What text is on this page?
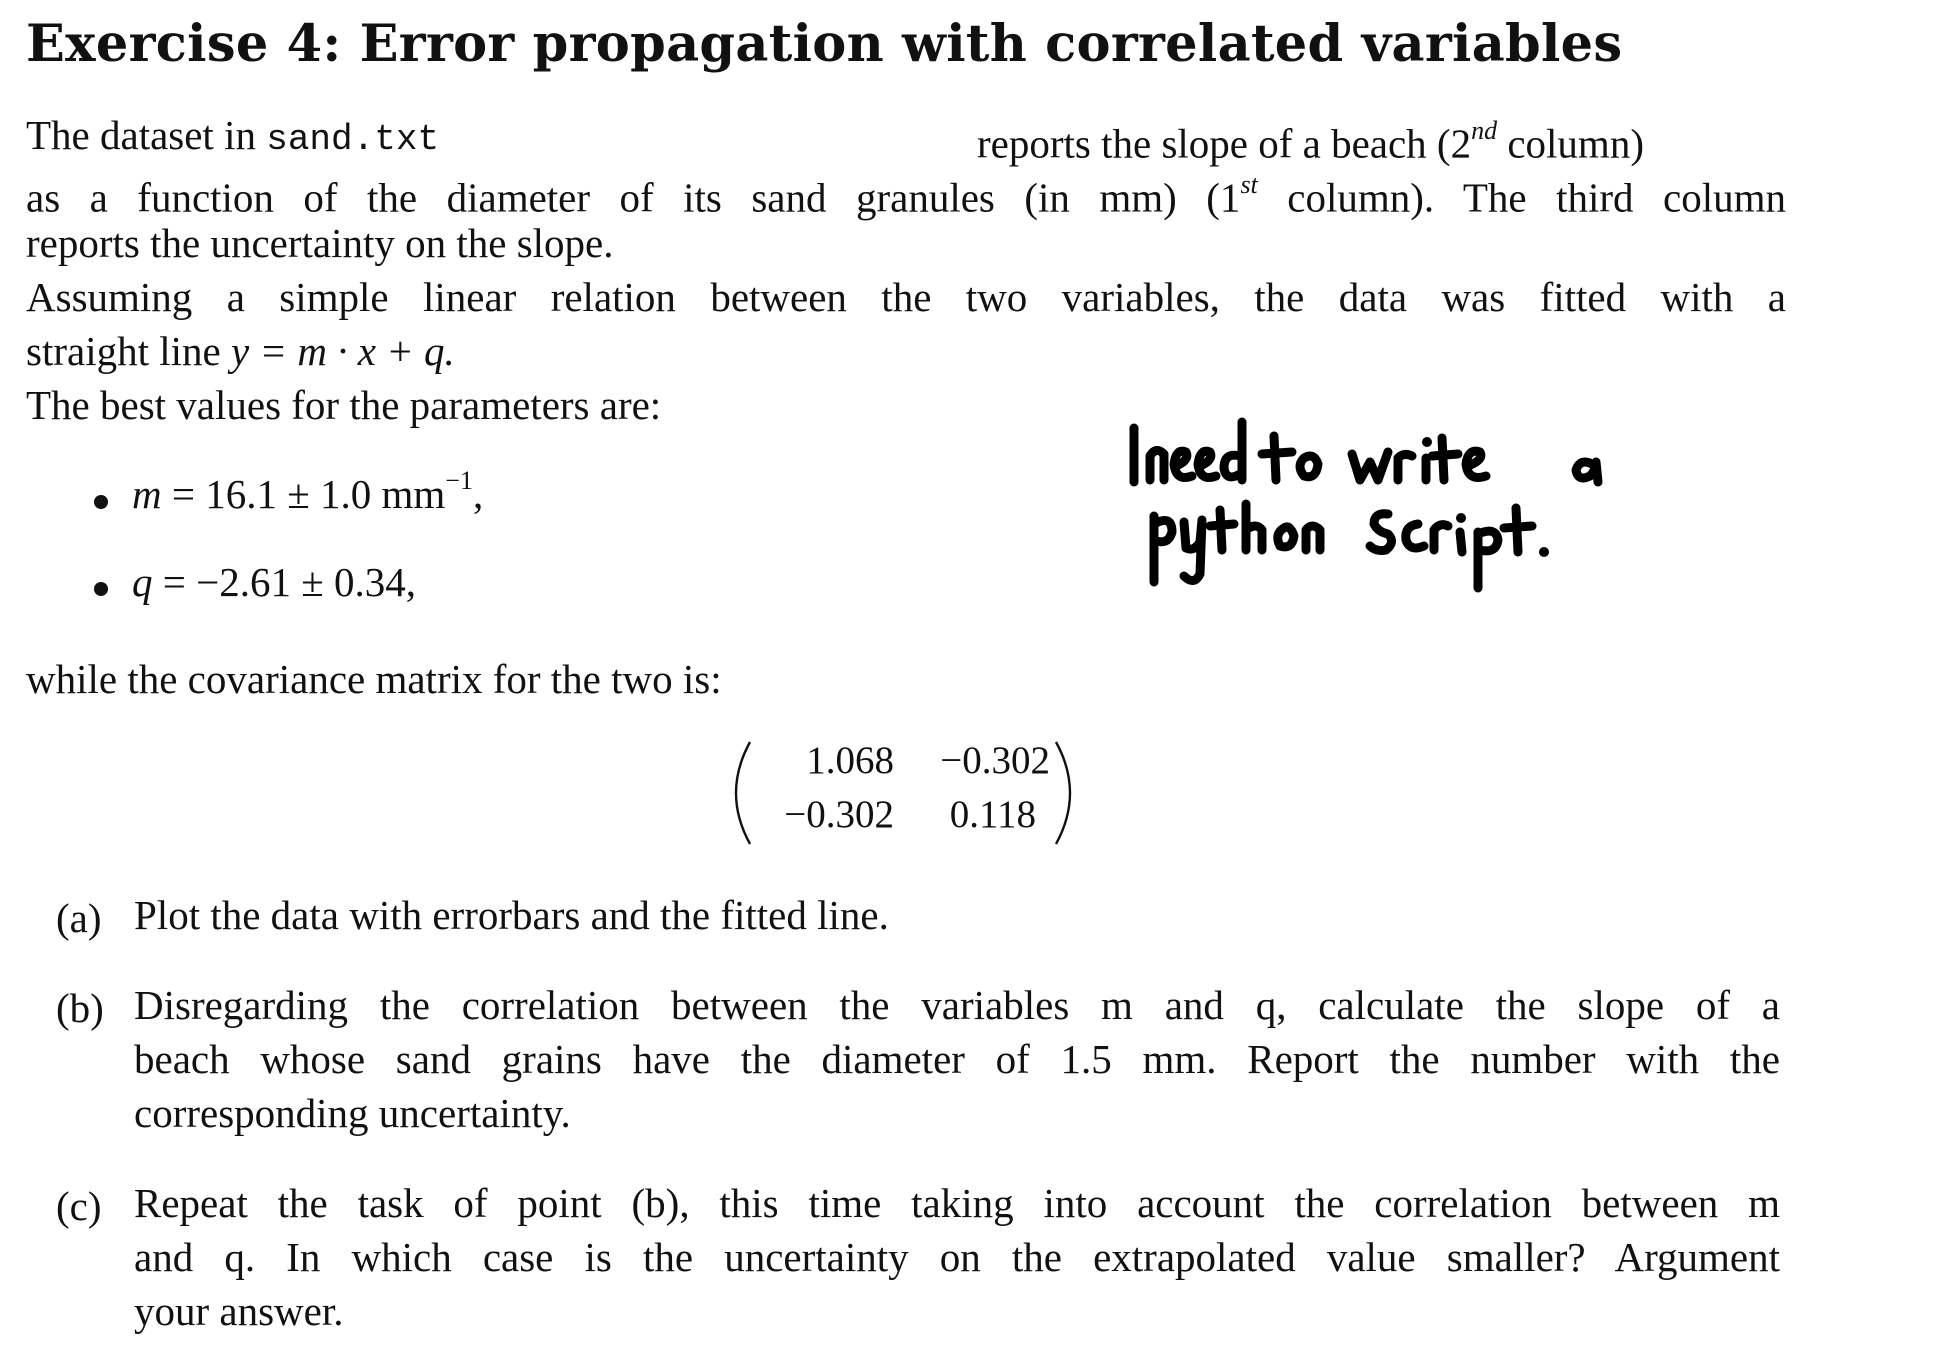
Exercise 4: Error propagation with correlated variables
The dataset in sand.txt	reports the slope of a beach (2nd column)
as a function of the diameter of its sand granules (in mm) (1st column). The third column
reports the uncertainty on the slope.
Assuming a simple linear relation between the two variables, the data was fitted with a
straight line y = m · x + q.
The best values for the parameters are:
m = 16.1 ± 1.0 $mm^{-1}$,
q = −2.61 ± 0.34,
while the covariance matrix for the two is:
1.068	−0.302
−0.302	0.118
(a) Plot the data with errorbars and the fitted line.
(b) Disregarding the correlation between the variables m and q, calculate the slope of a
beach whose sand grains have the diameter of 1.5 mm. Report the number with the
corresponding uncertainty.
(c) Repeat the task of point (b), this time taking into account the correlation between m
and q. In which case is the uncertainty on the extrapolated value smaller? Argument
your answer.
